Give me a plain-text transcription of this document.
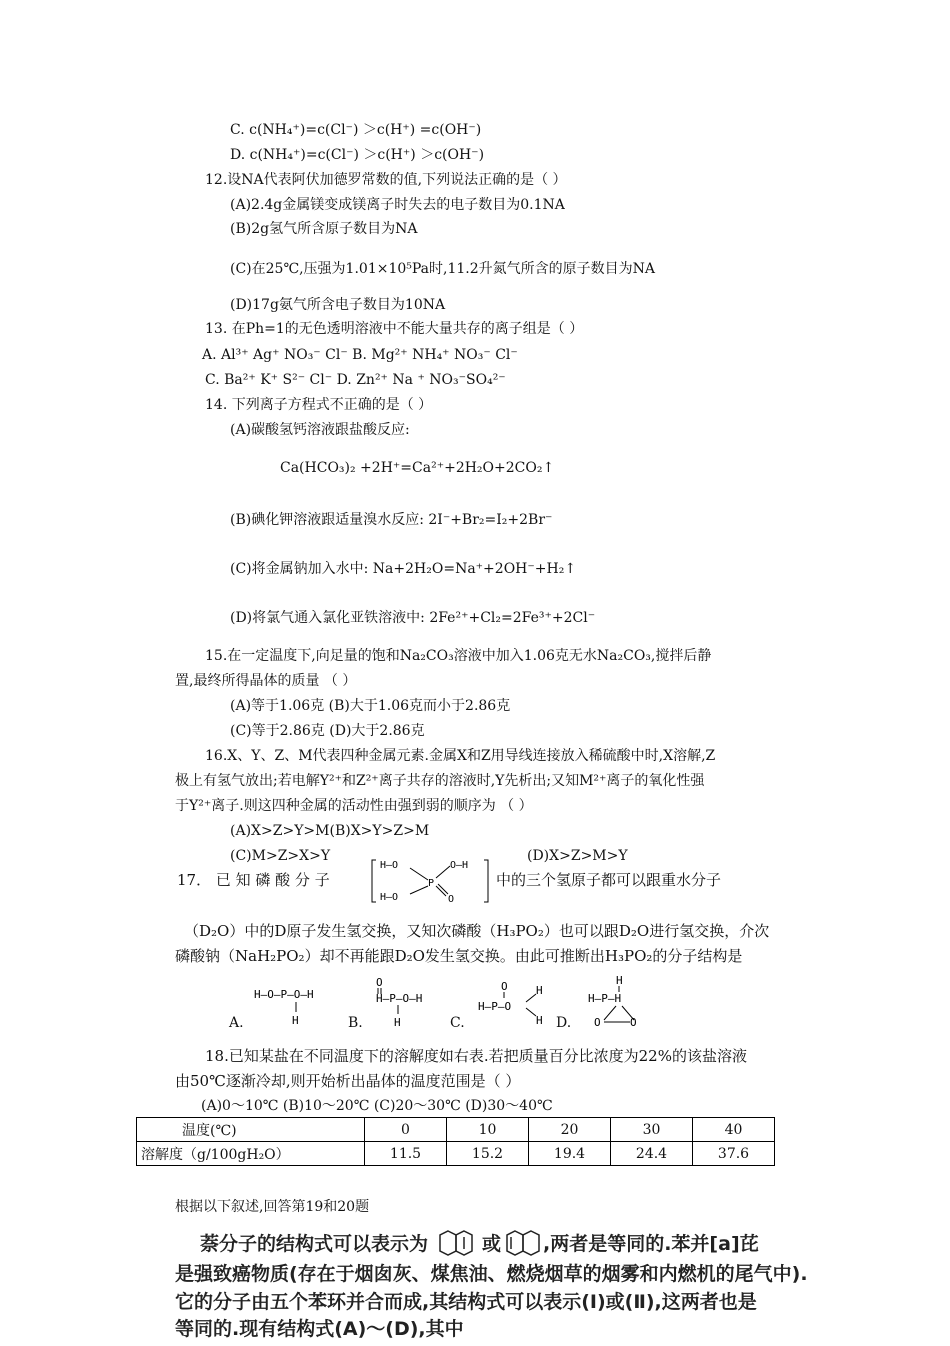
C. c(NH₄⁺)=c(Cl⁻) ＞c(H⁺) =c(OH⁻)
D. c(NH₄⁺)=c(Cl⁻) ＞c(H⁺) ＞c(OH⁻)
12.设NA代表阿伏加德罗常数的值,下列说法正确的是（ ）
(A)2.4g金属镁变成镁离子时失去的电子数目为0.1NA
(B)2g氢气所含原子数目为NA
(C)在25℃,压强为1.01×10⁵Pa时,11.2升氮气所含的原子数目为NA
(D)17g氨气所含电子数目为10NA
13. 在Ph=1的无色透明溶液中不能大量共存的离子组是（ ）
A. Al³⁺ Ag⁺ NO₃⁻ Cl⁻ B. Mg²⁺ NH₄⁺ NO₃⁻ Cl⁻
C. Ba²⁺ K⁺ S²⁻ Cl⁻ D. Zn²⁺ Na ⁺ NO₃⁻SO₄²⁻
14. 下列离子方程式不正确的是（ ）
(A)碳酸氢钙溶液跟盐酸反应:
Ca(HCO₃)₂ +2H⁺=Ca²⁺+2H₂O+2CO₂↑
(B)碘化钾溶液跟适量溴水反应: 2I⁻+Br₂=I₂+2Br⁻
(C)将金属钠加入水中: Na+2H₂O=Na⁺+2OH⁻+H₂↑
(D)将氯气通入氯化亚铁溶液中: 2Fe²⁺+Cl₂=2Fe³⁺+2Cl⁻
15.在一定温度下,向足量的饱和Na₂CO₃溶液中加入1.06克无水Na₂CO₃,搅拌后静
置,最终所得晶体的质量 （ ）
(A)等于1.06克 (B)大于1.06克而小于2.86克
(C)等于2.86克 (D)大于2.86克
16.X、Y、Z、M代表四种金属元素.金属X和Z用导线连接放入稀硫酸中时,X溶解,Z
极上有氢气放出;若电解Y²⁺和Z²⁺离子共存的溶液时,Y先析出;又知M²⁺离子的氧化性强
于Y²⁺离子.则这四种金属的活动性由强到弱的顺序为 （ ）
(A)X>Z>Y>M(B)X>Y>Z>M
(C)M>Z>X>Y	(D)X>Z>M>Y
17． 已 知 磷 酸 分 子
H—O
H—O
P
O—H
O
中的三个氢原子都可以跟重水分子
（D₂O）中的D原子发生氢交换，又知次磷酸（H₃PO₂）也可以跟D₂O进行氢交换，介次
磷酸钠（NaH₂PO₂）却不再能跟D₂O发生氢交换。由此可推断出H₃PO₂的分子结构是
H—O—P—O—H
H
O
H—P—O—H
H
O
H—P—O
H
H
H
H—P—H
O	O
A.	B.	C.	D.
18.已知某盐在不同温度下的溶解度如右表.若把质量百分比浓度为22%的该盐溶液
由50℃逐渐冷却,则开始析出晶体的温度范围是（ ）
(A)0～10℃ (B)10～20℃ (C)20～30℃ (D)30～40℃
温度(℃)	0	10	20	30	40
溶解度（g/100gH₂O）	11.5	15.2	19.4	24.4	37.6
根据以下叙述,回答第19和20题
萘分子的结构式可以表示为	或 ,两者是等同的.苯并[a]芘
是强致癌物质(存在于烟囱灰、煤焦油、燃烧烟草的烟雾和内燃机的尾气中).
它的分子由五个苯环并合而成,其结构式可以表示(Ⅰ)或(Ⅱ),这两者也是
等同的.现有结构式(A)～(D),其中
